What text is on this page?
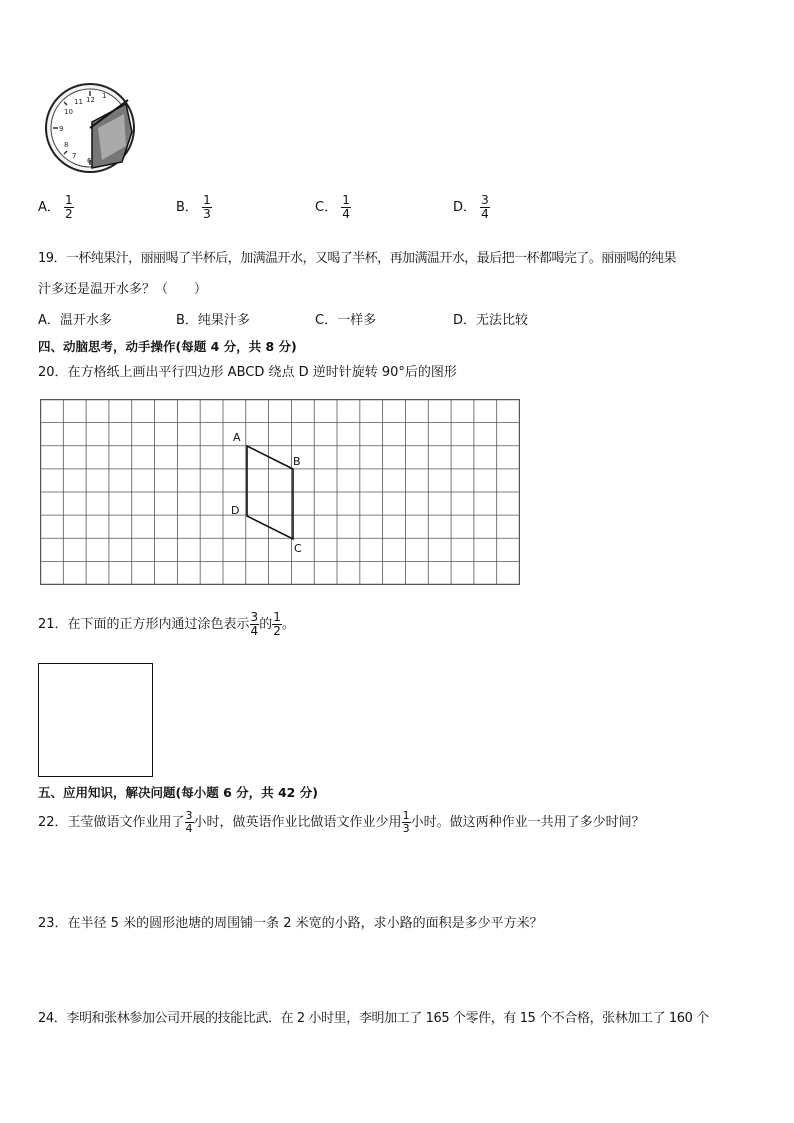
12
11
10
9
8
7
6
1
A． $\frac{1}{2}$	B． $\frac{1}{3}$	C． $\frac{1}{4}$	D． $\frac{3}{4}$
19．一杯纯果汁，丽丽喝了半杯后，加满温开水，又喝了半杯，再加满温开水，最后把一杯都喝完了。丽丽喝的纯果
汁多还是温开水多？（　　）
A．温开水多	B．纯果汁多	C．一样多	D．无法比较
四、动脑思考，动手操作(每题 4 分，共 8 分)
20．在方格纸上画出平行四边形 ABCD 绕点 D 逆时针旋转 90°后的图形
A
B
C
D
21．在下面的正方形内通过涂色表示 $\frac{3}{4}$ 的 $\frac{1}{2}$ 。
五、应用知识，解决问题(每小题 6 分，共 42 分)
22．王莹做语文作业用了 $\frac{3}{4}$ 小时，做英语作业比做语文作业少用 $\frac{1}{3}$ 小时。做这两种作业一共用了多少时间？
23．在半径 5 米的圆形池塘的周围铺一条 2 米宽的小路，求小路的面积是多少平方米？
24．李明和张林参加公司开展的技能比武．在 2 小时里，李明加工了 165 个零件，有 15 个不合格，张林加工了 160 个
